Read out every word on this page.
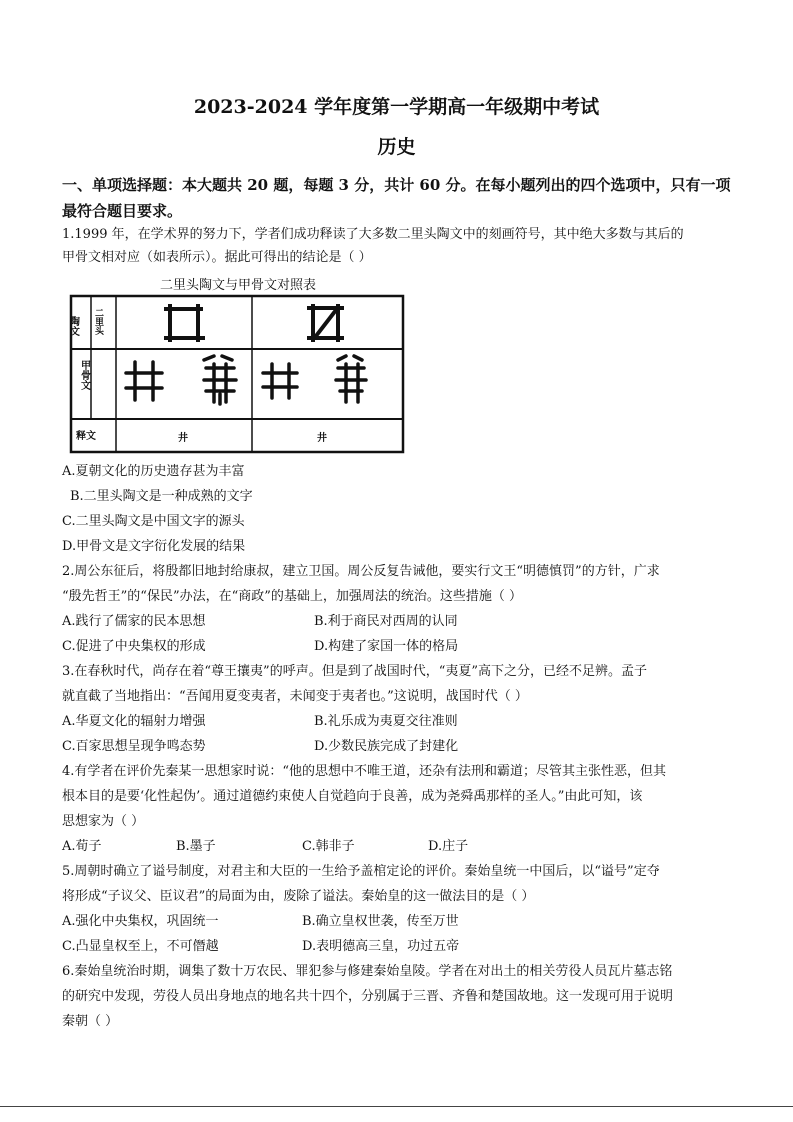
2023-2024 学年度第一学期高一年级期中考试
历史
一、单项选择题：本大题共 20 题，每题 3 分，共计 60 分。在每小题列出的四个选项中，只有一项最符合题目要求。
1.1999 年，在学术界的努力下，学者们成功释读了大多数二里头陶文中的刻画符号，其中绝大多数与其后的
甲骨文相对应（如表所示）。据此可得出的结论是（ ）
二里头陶文与甲骨文对照表
陶文 二里头
甲骨文
释文	井	井
A.夏朝文化的历史遗存甚为丰富
B.二里头陶文是一种成熟的文字
C.二里头陶文是中国文字的源头
D.甲骨文是文字衍化发展的结果
2.周公东征后，将殷都旧地封给康叔，建立卫国。周公反复告诫他，要实行文王“明德慎罚”的方针，广求
“殷先哲王”的“保民”办法，在“商政”的基础上，加强周法的统治。这些措施（ ）
A.践行了儒家的民本思想	B.利于商民对西周的认同
C.促进了中央集权的形成	D.构建了家国一体的格局
3.在春秋时代，尚存在着“尊王攘夷”的呼声。但是到了战国时代，“夷夏”高下之分，已经不足辨。孟子
就直截了当地指出：“吾闻用夏变夷者，未闻变于夷者也。”这说明，战国时代（ ）
A.华夏文化的辐射力增强	B.礼乐成为夷夏交往准则
C.百家思想呈现争鸣态势	D.少数民族完成了封建化
4.有学者在评价先秦某一思想家时说：“他的思想中不唯王道，还杂有法刑和霸道；尽管其主张性恶，但其
根本目的是要‘化性起伪’。通过道德约束使人自觉趋向于良善，成为尧舜禹那样的圣人。”由此可知，该
思想家为（ ）
A.荀子	B.墨子	C.韩非子	D.庄子
5.周朝时确立了谥号制度，对君主和大臣的一生给予盖棺定论的评价。秦始皇统一中国后，以“谥号”定夺
将形成“子议父、臣议君”的局面为由，废除了谥法。秦始皇的这一做法目的是（ ）
A.强化中央集权，巩固统一	B.确立皇权世袭，传至万世
C.凸显皇权至上，不可僭越	D.表明德高三皇，功过五帝
6.秦始皇统治时期，调集了数十万农民、罪犯参与修建秦始皇陵。学者在对出土的相关劳役人员瓦片墓志铭
的研究中发现，劳役人员出身地点的地名共十四个，分别属于三晋、齐鲁和楚国故地。这一发现可用于说明
秦朝（ ）
